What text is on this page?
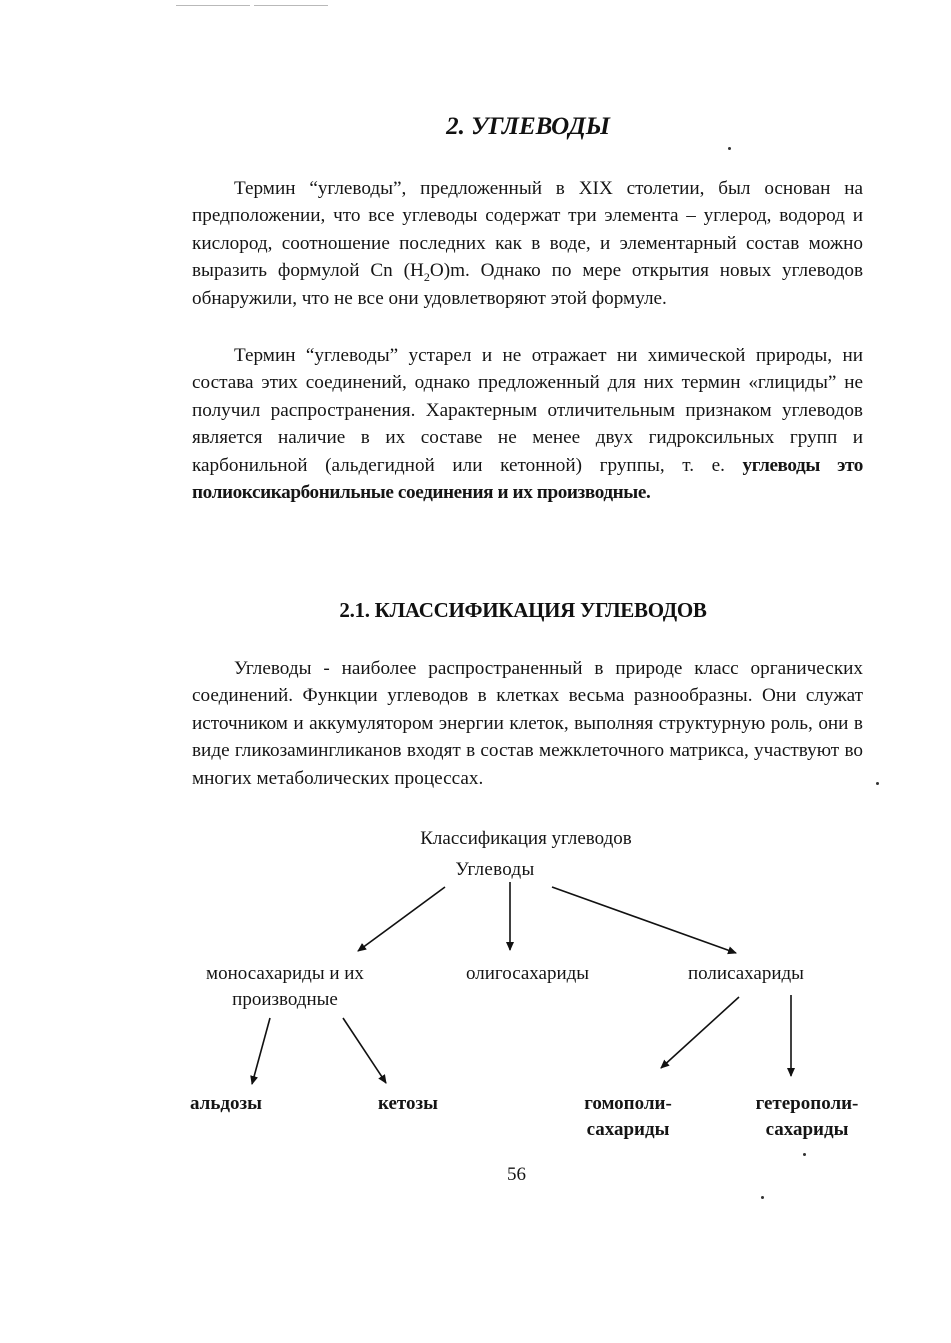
2. УГЛЕВОДЫ

Термин “углеводы”, предложенный в XIX столетии, был основан на предположении, что все углеводы содержат три элемента – углерод, водород и кислород, соотношение последних как в воде, и элементарный состав можно выразить формулой Cn $(H_2O)m$. Однако по мере открытия новых углеводов обнаружили, что не все они удовлетворяют этой формуле.

Термин “углеводы” устарел и не отражает ни химической природы, ни состава этих соединений, однако предложенный для них термин «глициды” не получил распространения. Характерным отличительным признаком углеводов является наличие в их составе не менее двух гидроксильных групп и карбонильной (альдегидной или кетонной) группы, т. е. углеводы это полиоксикарбонильные соединения и их производные.

2.1. КЛАССИФИКАЦИЯ УГЛЕВОДОВ

Углеводы - наиболее распространенный в природе класс органических соединений. Функции углеводов в клетках весьма разнообразны. Они служат источником и аккумулятором энергии клеток, выполняя структурную роль, они в виде гликозамингликанов входят в состав межклеточного матрикса, участвуют во многих метаболических процессах.

Классификация углеводов
Углеводы
моносахариды и их
производные
олигосахариды	полисахариды
альдозы	кетозы	гомополи-
сахариды
гетерополи-
сахариды
56
